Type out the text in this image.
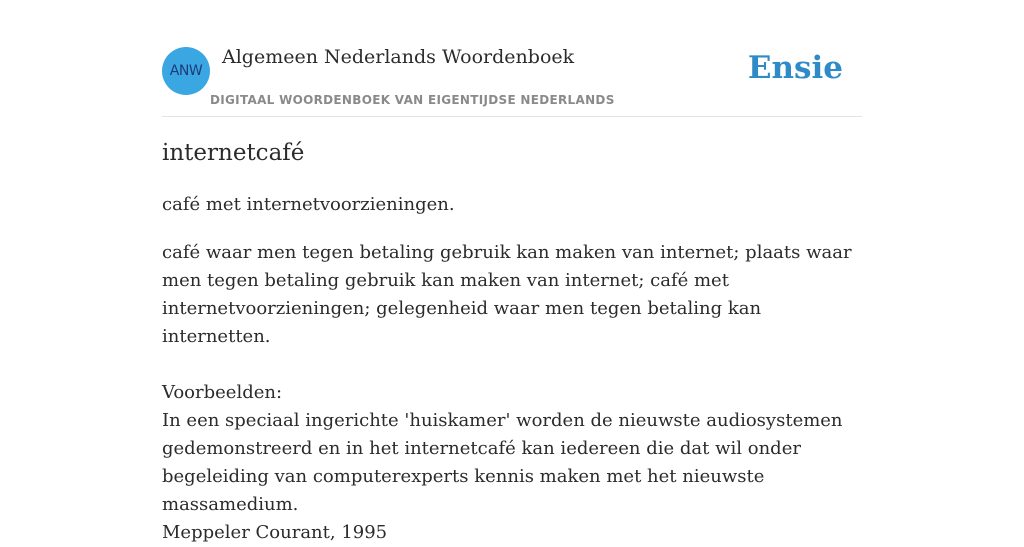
ANW
Algemeen Nederlands Woordenboek
DIGITAAL WOORDENBOEK VAN EIGENTIJDSE NEDERLANDS
Ensie
internetcafé
café met internetvoorzieningen.

café waar men tegen betaling gebruik kan maken van internet; plaats waar men tegen betaling gebruik kan maken van internet; café met internetvoorzieningen; gelegenheid waar men tegen betaling kan internetten.

Voorbeelden:

In een speciaal ingerichte 'huiskamer' worden de nieuwste audiosystemen gedemonstreerd en in het internetcafé kan iedereen die dat wil onder begeleiding van computerexperts kennis maken met het nieuwste massamedium.

Meppeler Courant, 1995
